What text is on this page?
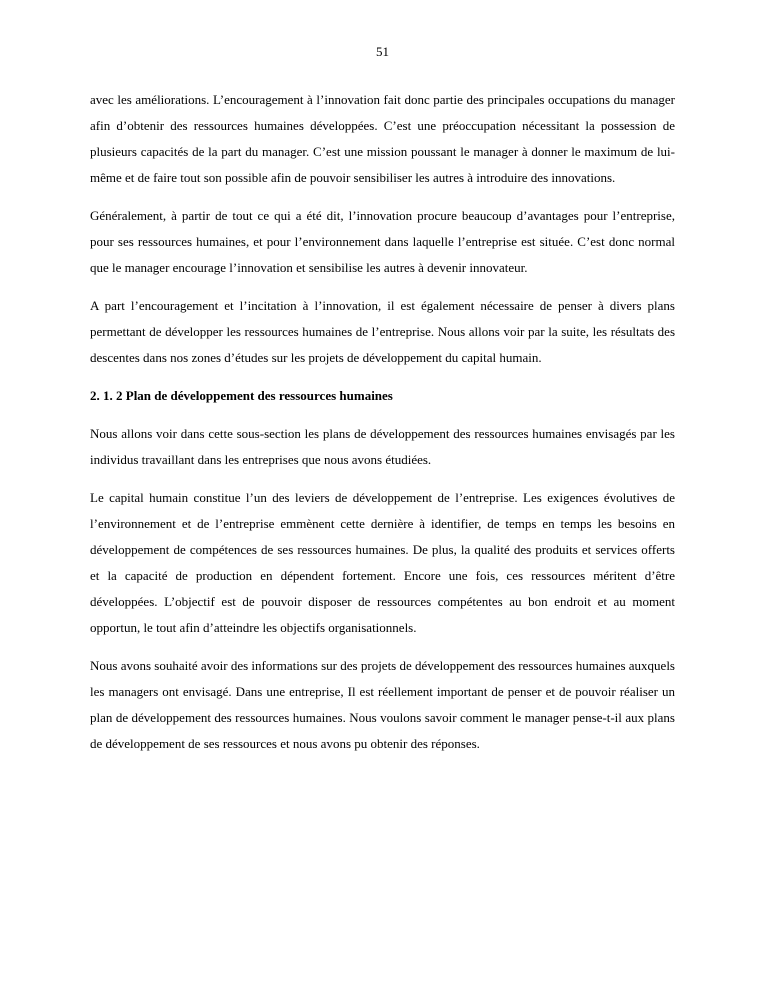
51

avec les améliorations. L’encouragement à l’innovation fait donc partie des principales occupations du manager afin d’obtenir des ressources humaines développées. C’est une préoccupation nécessitant la possession de plusieurs capacités de la part du manager. C’est une mission poussant le manager à donner le maximum de lui-même et de faire tout son possible afin de pouvoir sensibiliser les autres à introduire des innovations.

Généralement, à partir de tout ce qui a été dit, l’innovation procure beaucoup d’avantages pour l’entreprise, pour ses ressources humaines, et pour l’environnement dans laquelle l’entreprise est située. C’est donc normal que le manager encourage l’innovation et sensibilise les autres à devenir innovateur.

A part l’encouragement et l’incitation à l’innovation, il est également nécessaire de penser à divers plans permettant de développer les ressources humaines de l’entreprise. Nous allons voir par la suite, les résultats des descentes dans nos zones d’études sur les projets de développement du capital humain.

2. 1. 2 Plan de développement des ressources humaines

Nous allons voir dans cette sous-section les plans de développement des ressources humaines envisagés par les individus travaillant dans les entreprises que nous avons étudiées.

Le capital humain constitue l’un des leviers de développement de l’entreprise. Les exigences évolutives de l’environnement et de l’entreprise emmènent cette dernière à identifier, de temps en temps les besoins en développement de compétences de ses ressources humaines. De plus, la qualité des produits et services offerts et la capacité de production en dépendent fortement. Encore une fois, ces ressources méritent d’être développées. L’objectif est de pouvoir disposer de ressources compétentes au bon endroit et au moment opportun, le tout afin d’atteindre les objectifs organisationnels.

Nous avons souhaité avoir des informations sur des projets de développement des ressources humaines auxquels les managers ont envisagé. Dans une entreprise, Il est réellement important de penser et de pouvoir réaliser un plan de développement des ressources humaines. Nous voulons savoir comment le manager pense-t-il aux plans de développement de ses ressources et nous avons pu obtenir des réponses.
